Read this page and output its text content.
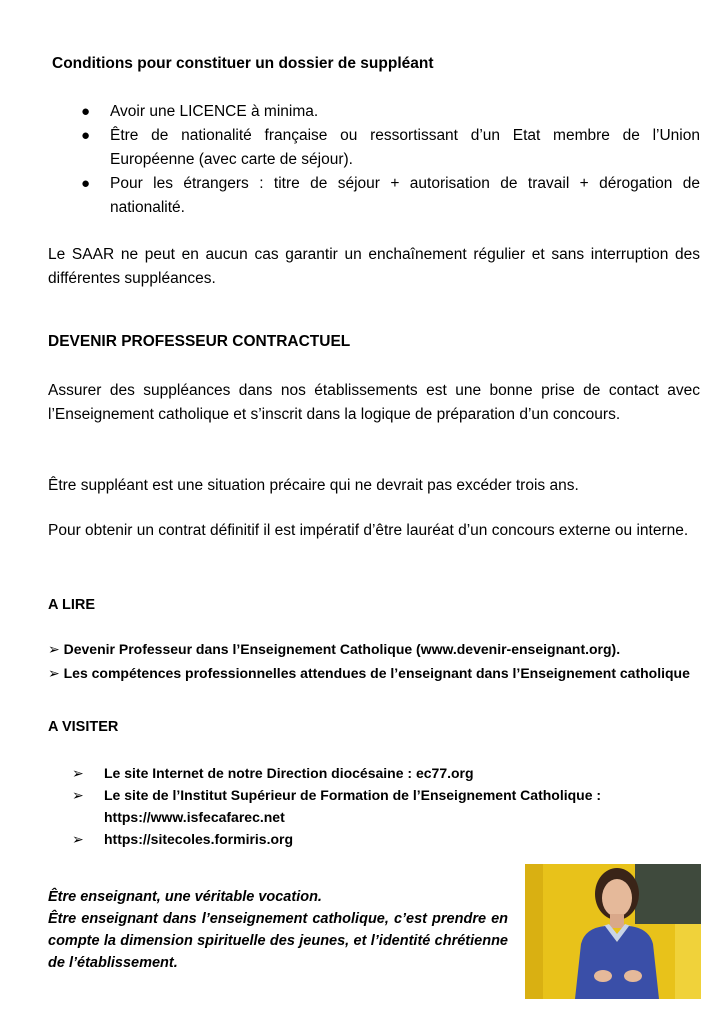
Conditions pour constituer un dossier de suppléant
● Avoir une LICENCE à minima.
● Être de nationalité française ou ressortissant d’un Etat membre de l’Union Européenne (avec carte de séjour).
● Pour les étrangers : titre de séjour + autorisation de travail + dérogation de nationalité.

Le SAAR ne peut en aucun cas garantir un enchaînement régulier et sans interruption des différentes suppléances.

DEVENIR PROFESSEUR CONTRACTUEL

Assurer des suppléances dans nos établissements est une bonne prise de contact avec l’Enseignement catholique et s’inscrit dans la logique de préparation d’un concours.

Être suppléant est une situation précaire qui ne devrait pas excéder trois ans.

Pour obtenir un contrat définitif il est impératif d’être lauréat d’un concours externe ou interne.

A LIRE

➢ Devenir Professeur dans l’Enseignement Catholique (www.devenir-enseignant.org).

➢ Les compétences professionnelles attendues de l’enseignant dans l’Enseignement catholique

A VISITER
➢ Le site Internet de notre Direction diocésaine : ec77.org
➢ Le site de l’Institut Supérieur de Formation de l’Enseignement Catholique : https://www.isfecafarec.net
➢ https://sitecoles.formiris.org
Être enseignant, une véritable vocation.
Être enseignant dans l’enseignement catholique, c’est prendre en compte la dimension spirituelle des jeunes, et l’identité chrétienne de l’établissement.
